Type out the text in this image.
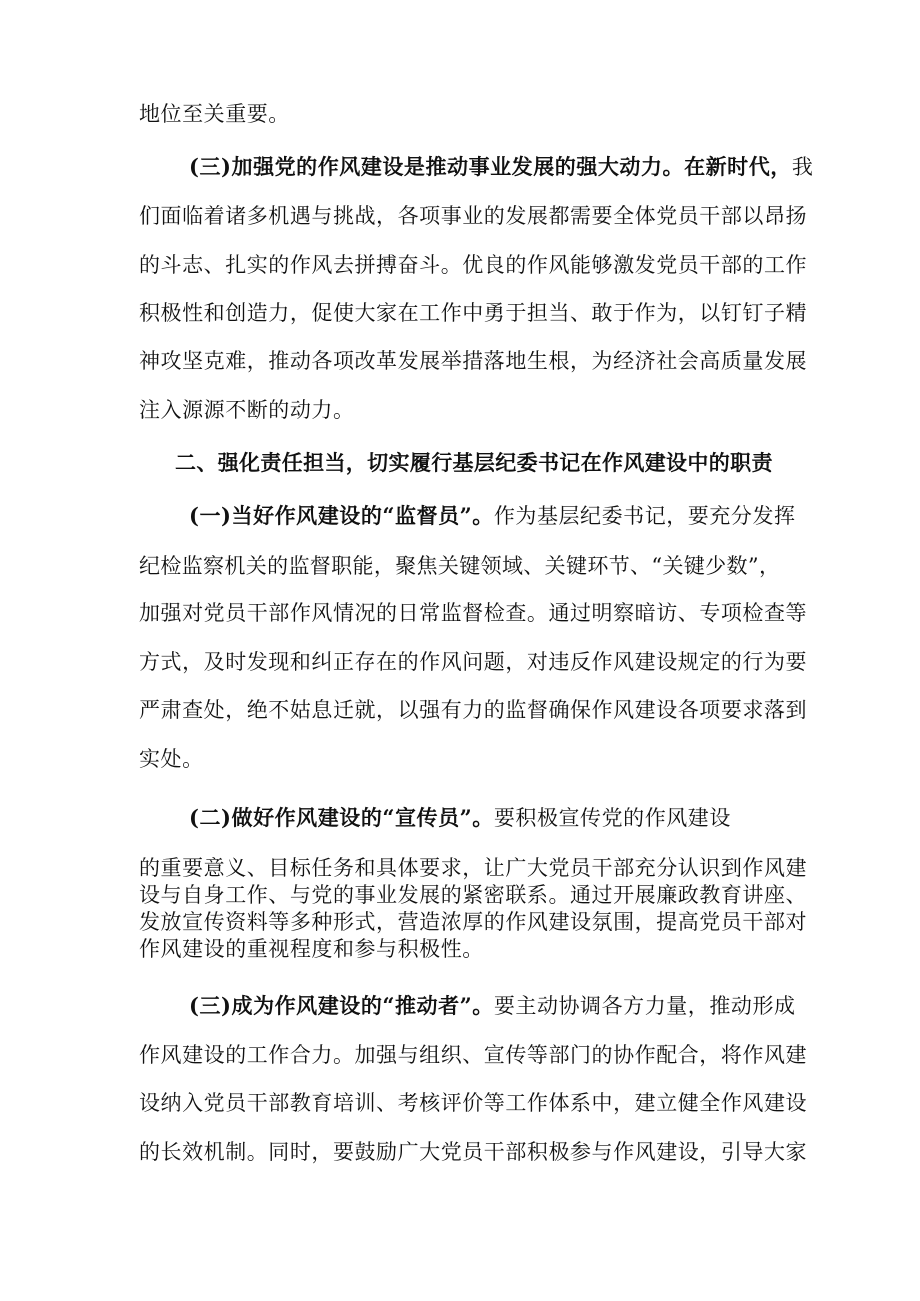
地位至关重要。
(三)加强党的作风建设是推动事业发展的强大动力。在新时代，我
们面临着诸多机遇与挑战，各项事业的发展都需要全体党员干部以昂扬
的斗志、扎实的作风去拼搏奋斗。优良的作风能够激发党员干部的工作
积极性和创造力，促使大家在工作中勇于担当、敢于作为，以钉钉子精
神攻坚克难，推动各项改革发展举措落地生根，为经济社会高质量发展
注入源源不断的动力。
二、强化责任担当，切实履行基层纪委书记在作风建设中的职责
(一)当好作风建设的“监督员”。作为基层纪委书记，要充分发挥
纪检监察机关的监督职能，聚焦关键领域、关键环节、“关键少数”，
加强对党员干部作风情况的日常监督检查。通过明察暗访、专项检查等
方式，及时发现和纠正存在的作风问题，对违反作风建设规定的行为要
严肃查处，绝不姑息迁就，以强有力的监督确保作风建设各项要求落到
实处。
(二)做好作风建设的“宣传员”。要积极宣传党的作风建设
的重要意义、目标任务和具体要求，让广大党员干部充分认识到作风建
设与自身工作、与党的事业发展的紧密联系。通过开展廉政教育讲座、
发放宣传资料等多种形式，营造浓厚的作风建设氛围，提高党员干部对
作风建设的重视程度和参与积极性。
(三)成为作风建设的“推动者”。要主动协调各方力量，推动形成
作风建设的工作合力。加强与组织、宣传等部门的协作配合，将作风建
设纳入党员干部教育培训、考核评价等工作体系中，建立健全作风建设
的长效机制。同时，要鼓励广大党员干部积极参与作风建设，引导大家
